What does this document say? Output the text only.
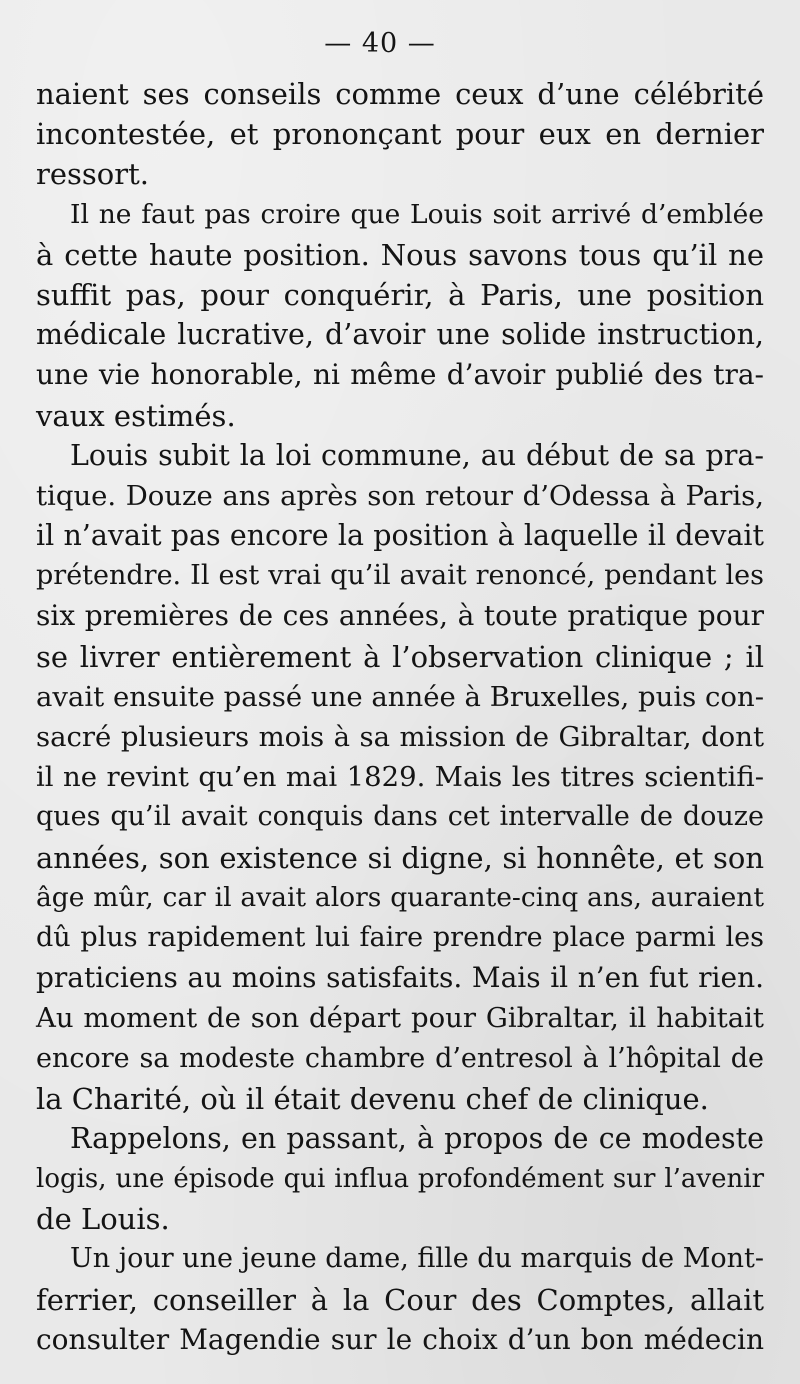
— 40 —
naient ses conseils comme ceux d’une célébrité
incontestée, et prononçant pour eux en dernier
ressort.
Il ne faut pas croire que Louis soit arrivé d’emblée
à cette haute position. Nous savons tous qu’il ne
suffit pas, pour conquérir, à Paris, une position
médicale lucrative, d’avoir une solide instruction,
une vie honorable, ni même d’avoir publié des tra-
vaux estimés.
Louis subit la loi commune, au début de sa pra-
tique. Douze ans après son retour d’Odessa à Paris,
il n’avait pas encore la position à laquelle il devait
prétendre. Il est vrai qu’il avait renoncé, pendant les
six premières de ces années, à toute pratique pour
se livrer entièrement à l’observation clinique ; il
avait ensuite passé une année à Bruxelles, puis con-
sacré plusieurs mois à sa mission de Gibraltar, dont
il ne revint qu’en mai 1829. Mais les titres scientifi-
ques qu’il avait conquis dans cet intervalle de douze
années, son existence si digne, si honnête, et son
âge mûr, car il avait alors quarante-cinq ans, auraient
dû plus rapidement lui faire prendre place parmi les
praticiens au moins satisfaits. Mais il n’en fut rien.
Au moment de son départ pour Gibraltar, il habitait
encore sa modeste chambre d’entresol à l’hôpital de
la Charité, où il était devenu chef de clinique.
Rappelons, en passant, à propos de ce modeste
logis, une épisode qui influa profondément sur l’avenir
de Louis.
Un jour une jeune dame, fille du marquis de Mont-
ferrier, conseiller à la Cour des Comptes, allait
consulter Magendie sur le choix d’un bon médecin
